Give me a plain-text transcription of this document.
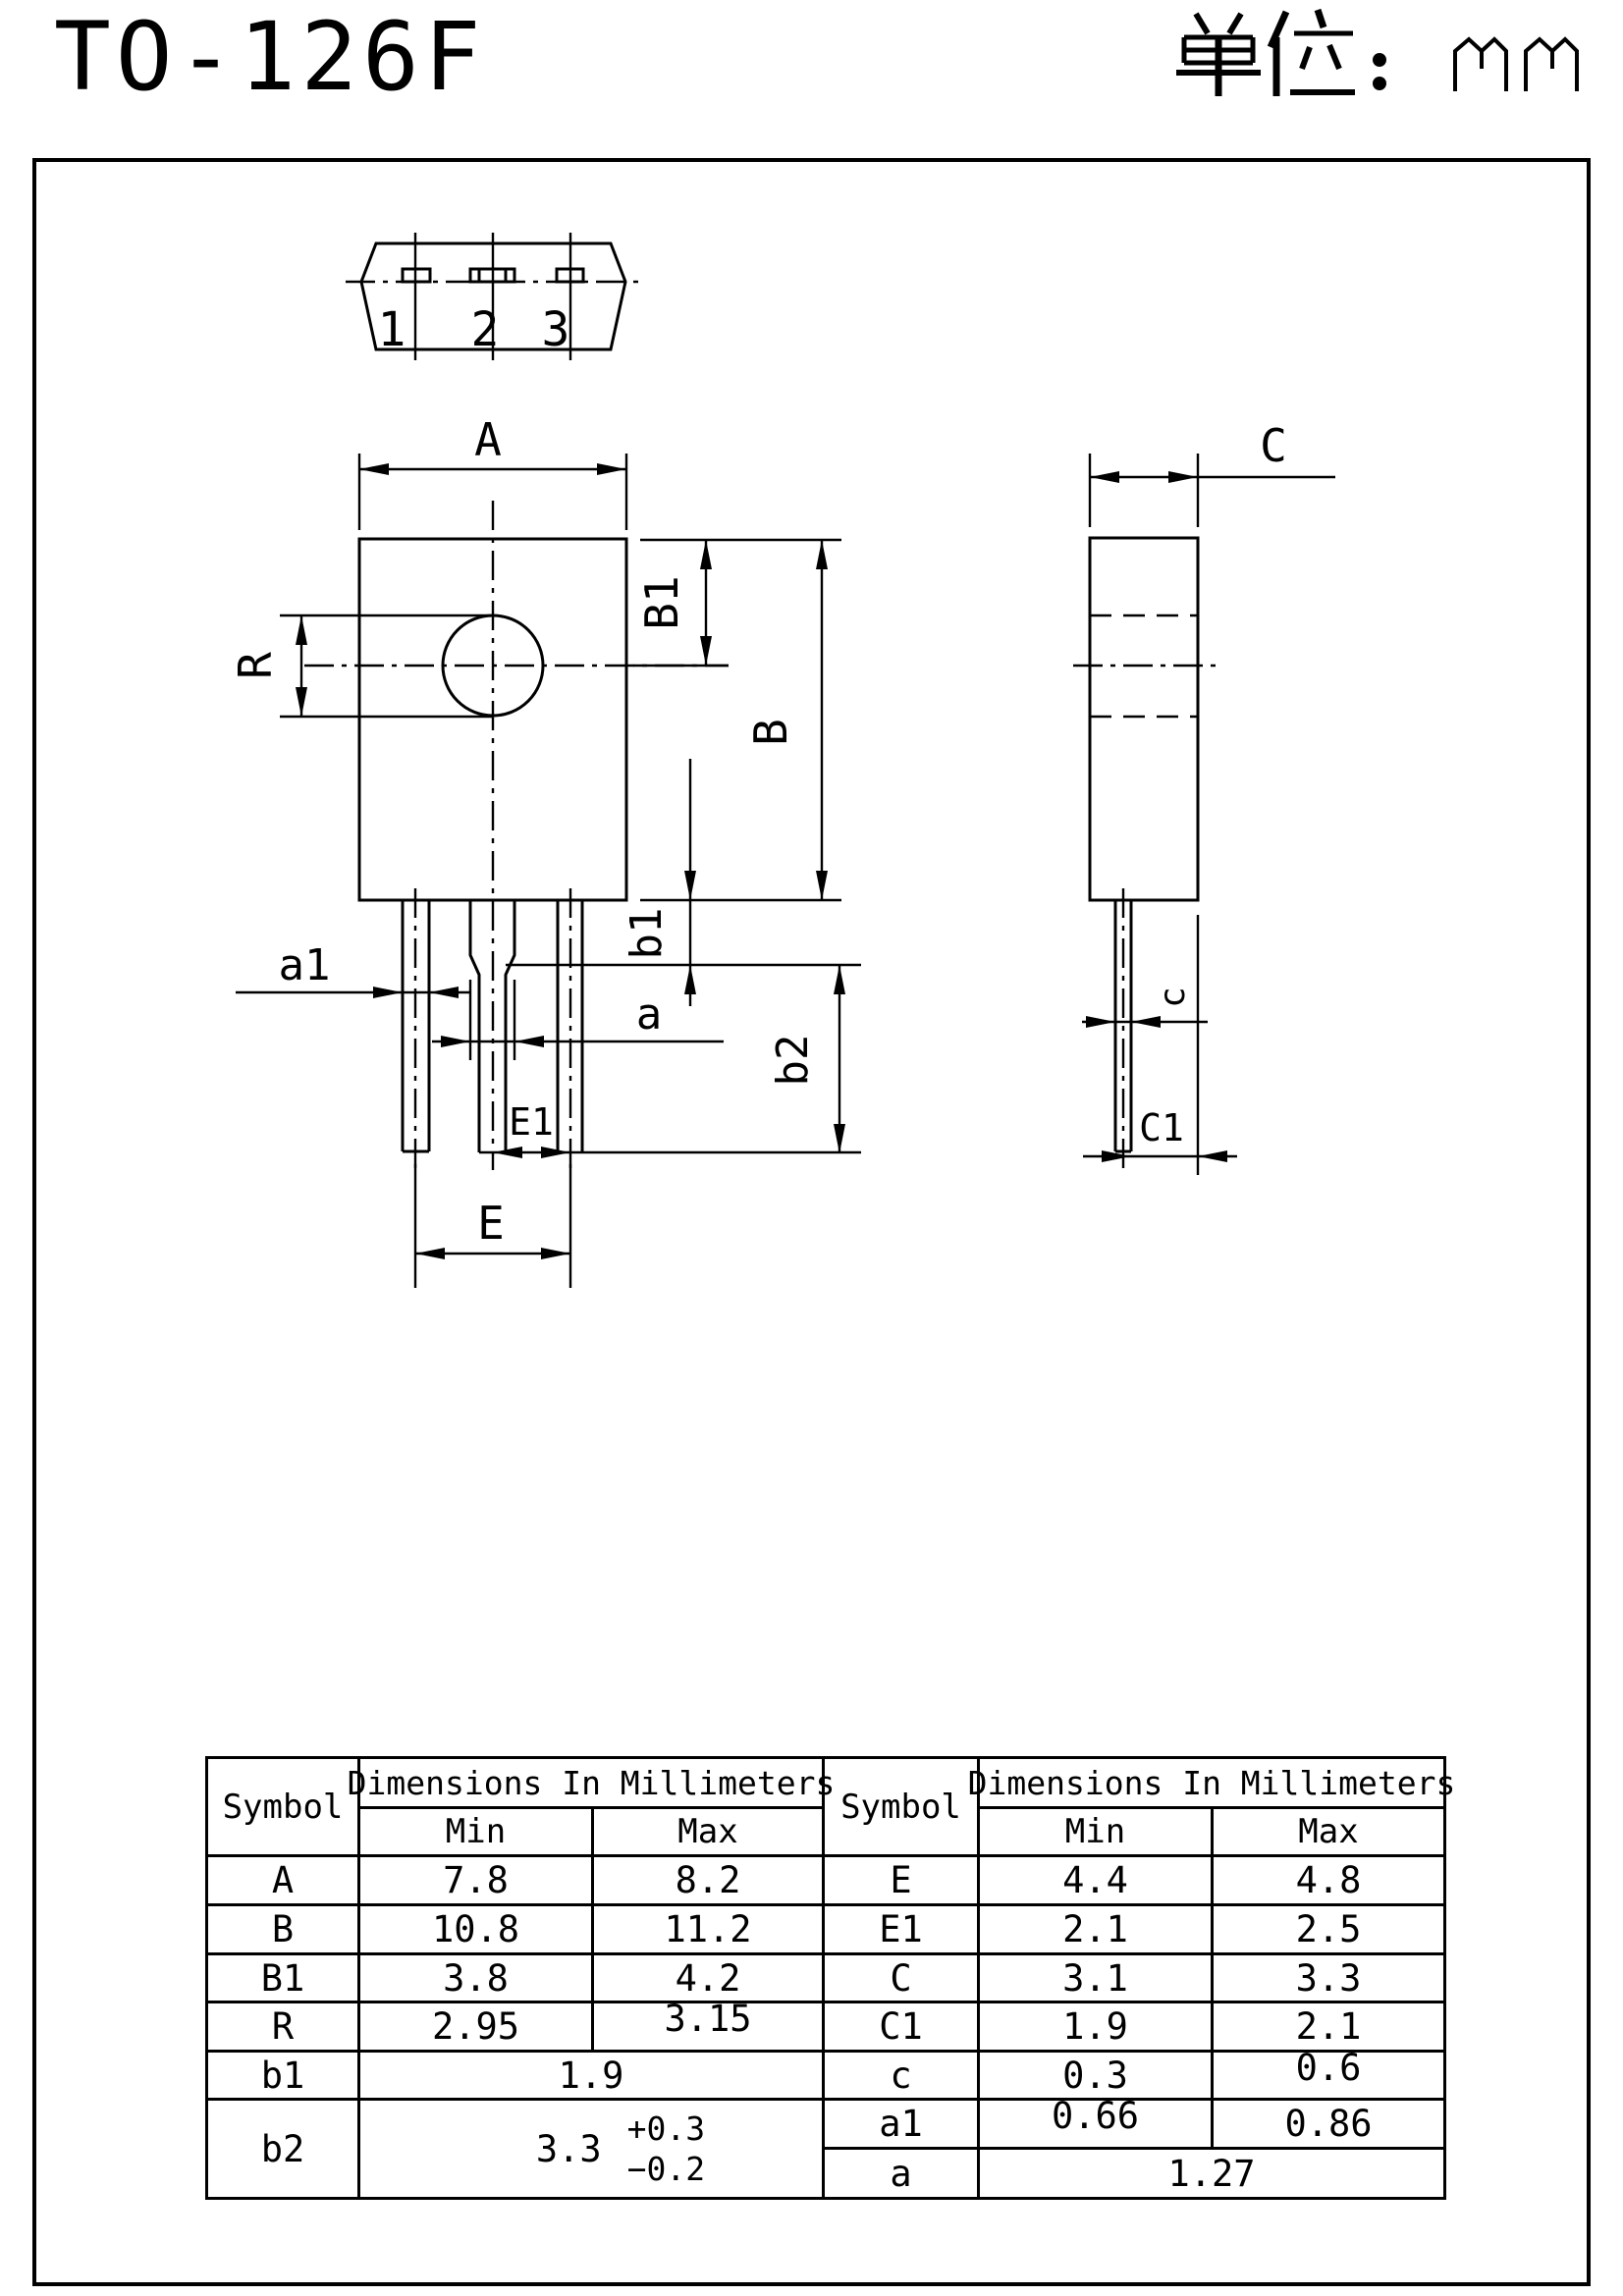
TO-126F
1 2 3
A
R
B1
B
b1
b2
a1
a
E1
E
C
c
C1
Symbol
Dimensions In Millimeters
Min	Max
Symbol
Dimensions In Millimeters
Min	Max
A	7.8	8.2
B	10.8	11.2
B1	3.8	4.2
R	2.95	3.15
b1	1.9
b2	3.3 +0.3
−0.2
E	4.4	4.8
E1	2.1	2.5
C	3.1	3.3
C1	1.9	2.1
c	0.3	0.6
a1	0.66	0.86
a	1.27
